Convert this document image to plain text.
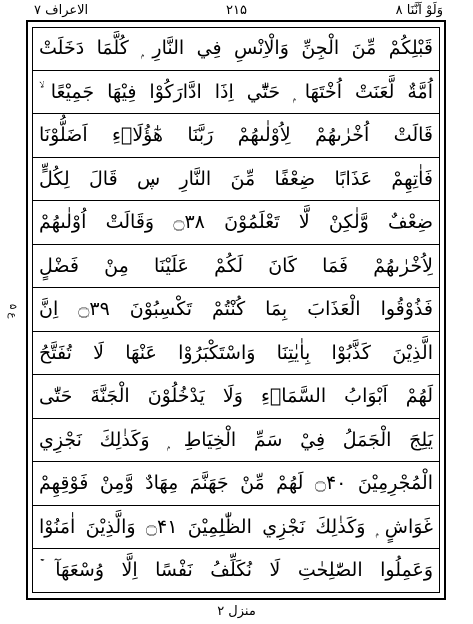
وَلَوْ اَنَّنَا ۸
۲۱۵
الاعراف ۷
قَبْلِكُمْ مِّنَ الْجِنِّ وَالْاِنْسِ فِي النَّارِ ۭ كُلَّمَا دَخَلَتْ
اُمَّةٌ لَّعَنَتْ اُخْتَهَا ۭ حَتّٰٓي اِذَا ادَّارَكُوْا فِيْهَا جَمِيْعًا ۙ
قَالَتْ اُخْرٰىهُمْ لِاُوْلٰىهُمْ رَبَّنَا هٰٓؤُلَاۗءِ اَضَلُّوْنَا
فَاٰتِهِمْ عَذَابًا ضِعْفًا مِّنَ النَّارِ ڛ قَالَ لِكُلٍّ
ضِعْفٌ وَّلٰكِنْ لَّا تَعْلَمُوْنَ ۝۳۸ وَقَالَتْ اُوْلٰىهُمْ
لِاُخْرٰىهُمْ فَمَا كَانَ لَكُمْ عَلَيْنَا مِنْ فَضْلٍ
فَذُوْقُوا الْعَذَابَ بِمَا كُنْتُمْ تَكْسِبُوْنَ ۝۳۹ اِنَّ
الَّذِيْنَ كَذَّبُوْا بِاٰيٰتِنَا وَاسْتَكْبَرُوْا عَنْهَا لَا تُفَتَّحُ
لَهُمْ اَبْوَابُ السَّمَاۗءِ وَلَا يَدْخُلُوْنَ الْجَنَّةَ حَتّٰى
يَلِجَ الْجَمَلُ فِيْ سَمِّ الْخِيَاطِ ۭ وَكَذٰلِكَ نَجْزِي
الْمُجْرِمِيْنَ ۝۴۰ لَهُمْ مِّنْ جَهَنَّمَ مِهَادٌ وَّمِنْ فَوْقِهِمْ
غَوَاشٍ ۭ وَكَذٰلِكَ نَجْزِي الظّٰلِمِيْنَ ۝۴۱ وَالَّذِيْنَ اٰمَنُوْا
وَعَمِلُوا الصّٰلِحٰتِ لَا نُكَلِّفُ نَفْسًا اِلَّا وُسْعَهَآ ۡ
ع ۵
منزل ۲
